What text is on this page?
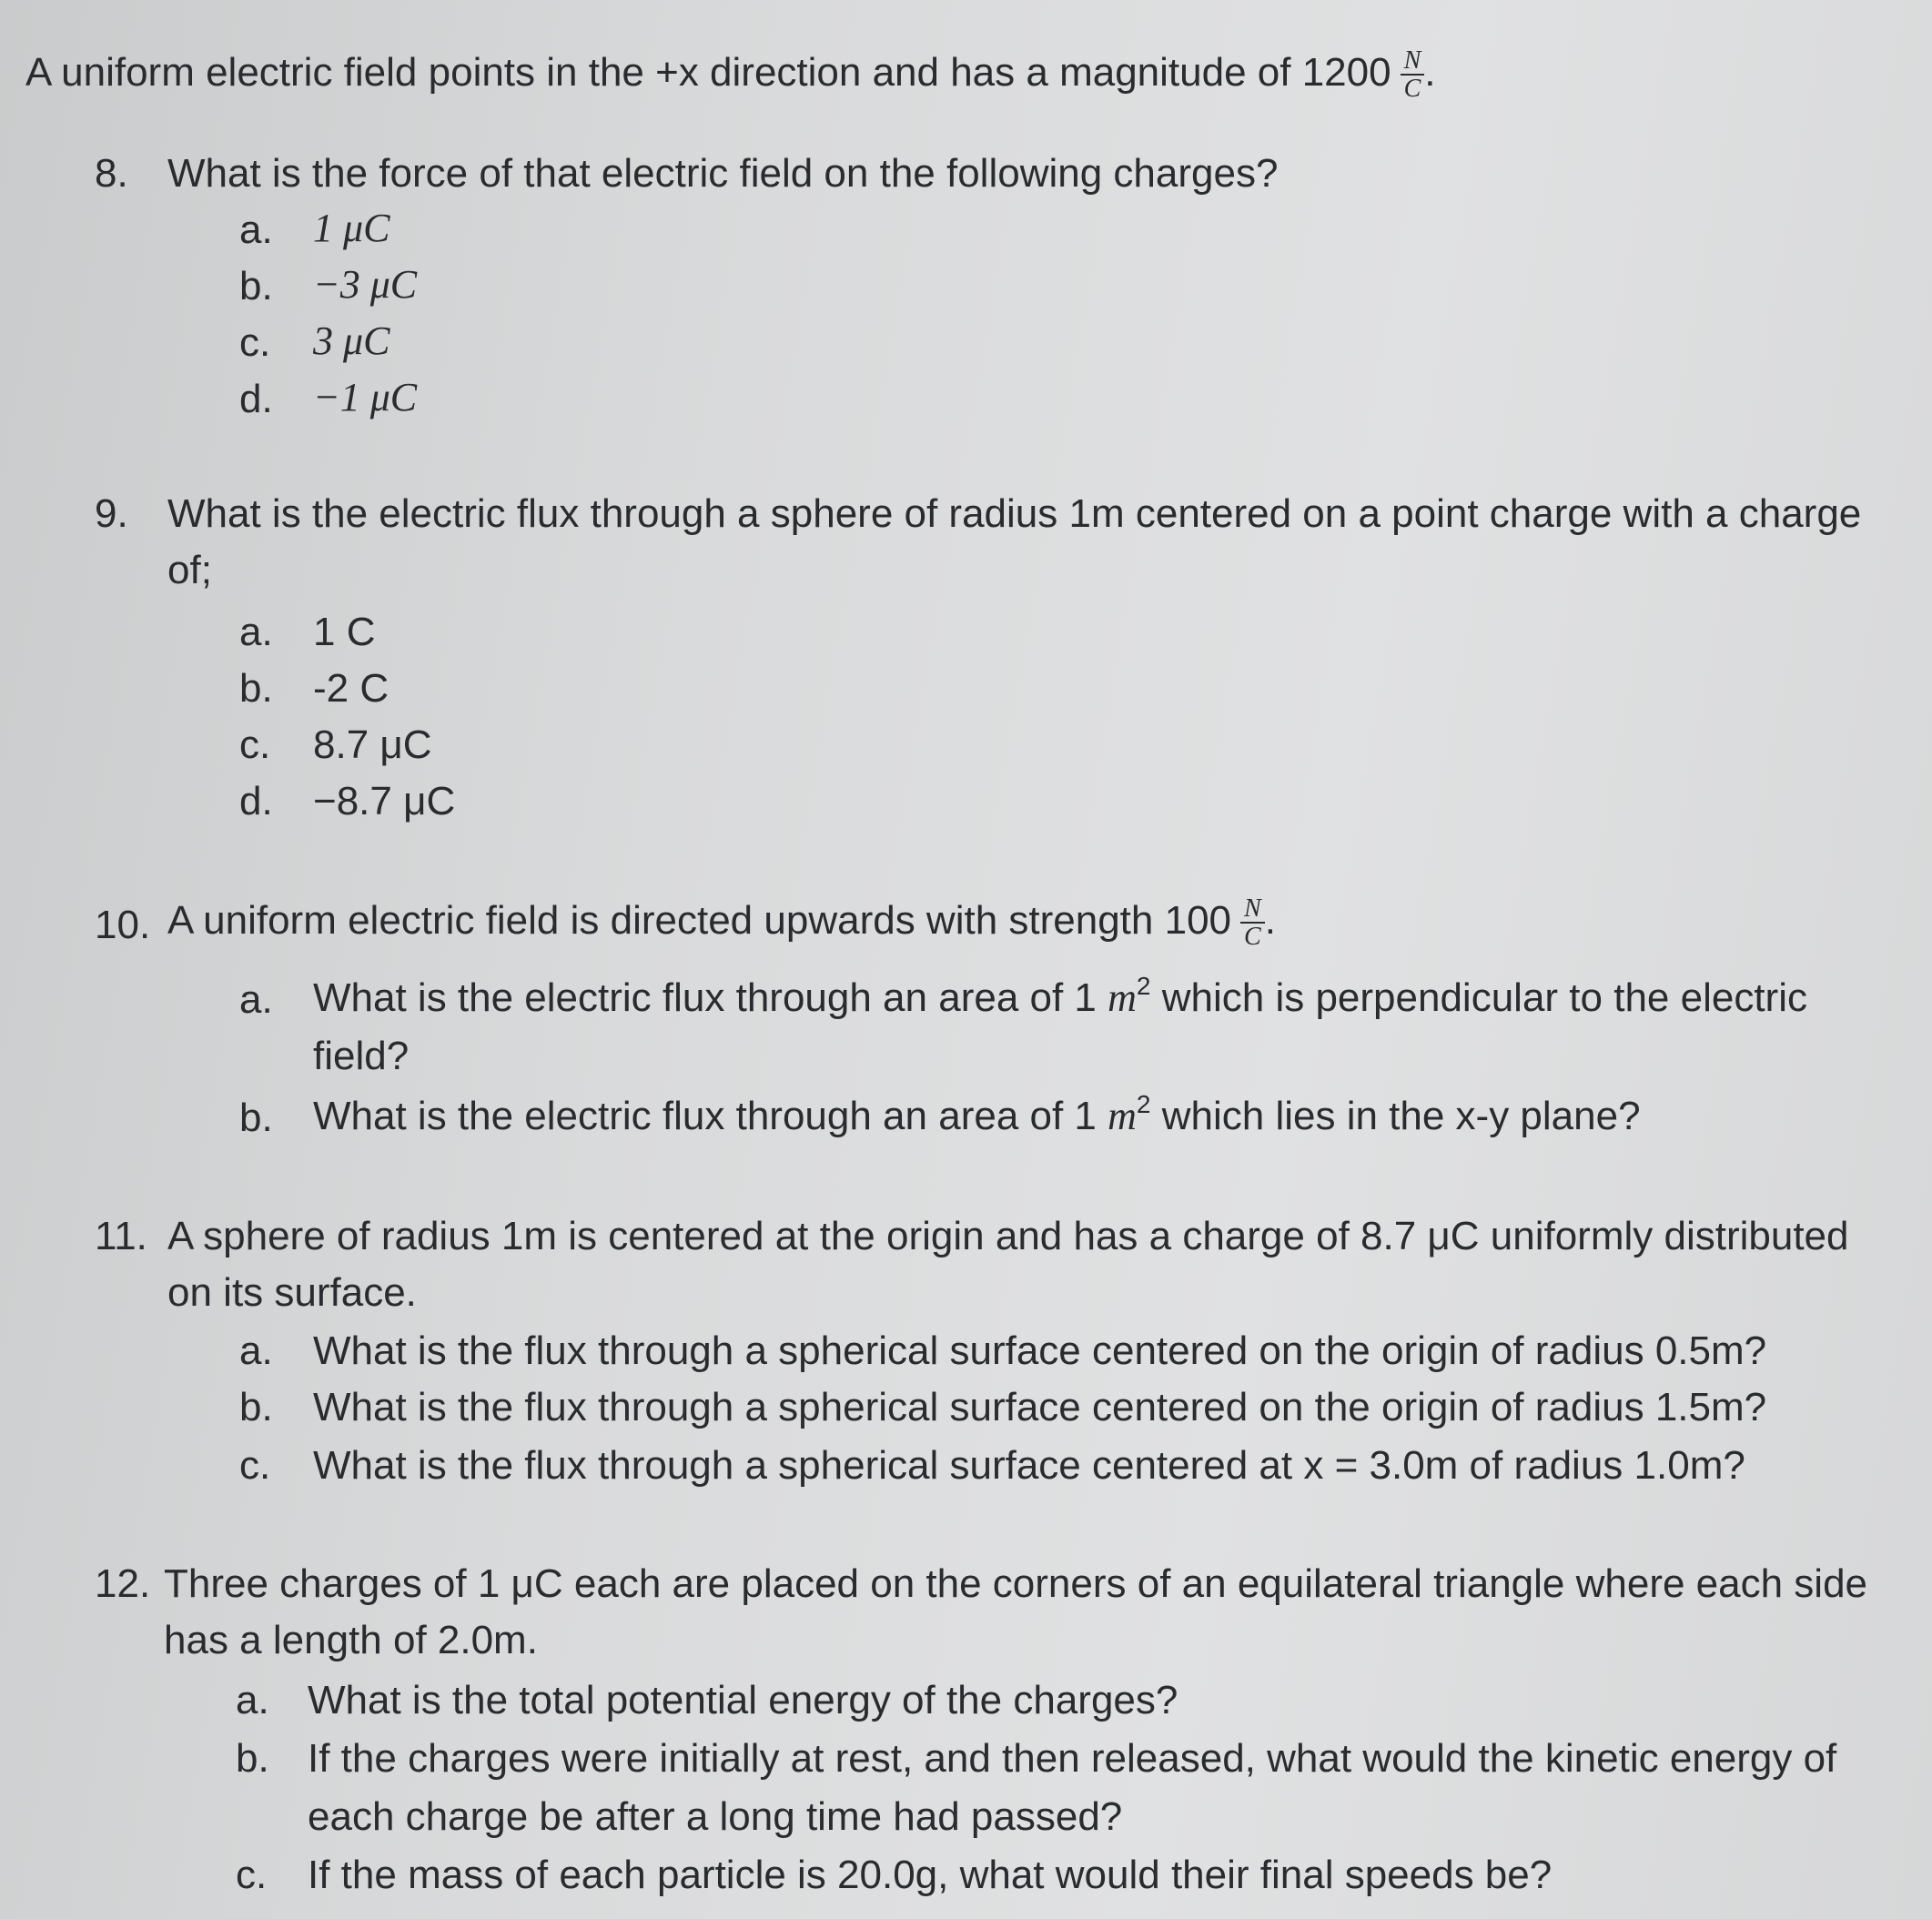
A uniform electric field points in the +x direction and has a magnitude of $1200 \frac{N}{C}$ .
8. What is the force of that electric field on the following charges?
a. 1 μC
b. −3 μC
c. 3 μC
d. −1 μC
9. What is the electric flux through a sphere of radius 1m centered on a point charge with a charge
of;
a. 1 C
b. -2 C
c. 8.7 μC
d. −8.7 μC
10. A uniform electric field is directed upwards with strength $100 \frac{N}{C}$ .
a. What is the electric flux through an area of 1 $m^2$ which is perpendicular to the electric
field?
b. What is the electric flux through an area of 1 $m^2$ which lies in the x-y plane?
11. A sphere of radius 1m is centered at the origin and has a charge of 8.7 μC uniformly distributed
on its surface.
a. What is the flux through a spherical surface centered on the origin of radius 0.5m?
b. What is the flux through a spherical surface centered on the origin of radius 1.5m?
c. What is the flux through a spherical surface centered at x = 3.0m of radius 1.0m?
12. Three charges of 1 μC each are placed on the corners of an equilateral triangle where each side
has a length of 2.0m.
a. What is the total potential energy of the charges?
b. If the charges were initially at rest, and then released, what would the kinetic energy of
each charge be after a long time had passed?
c. If the mass of each particle is 20.0g, what would their final speeds be?
